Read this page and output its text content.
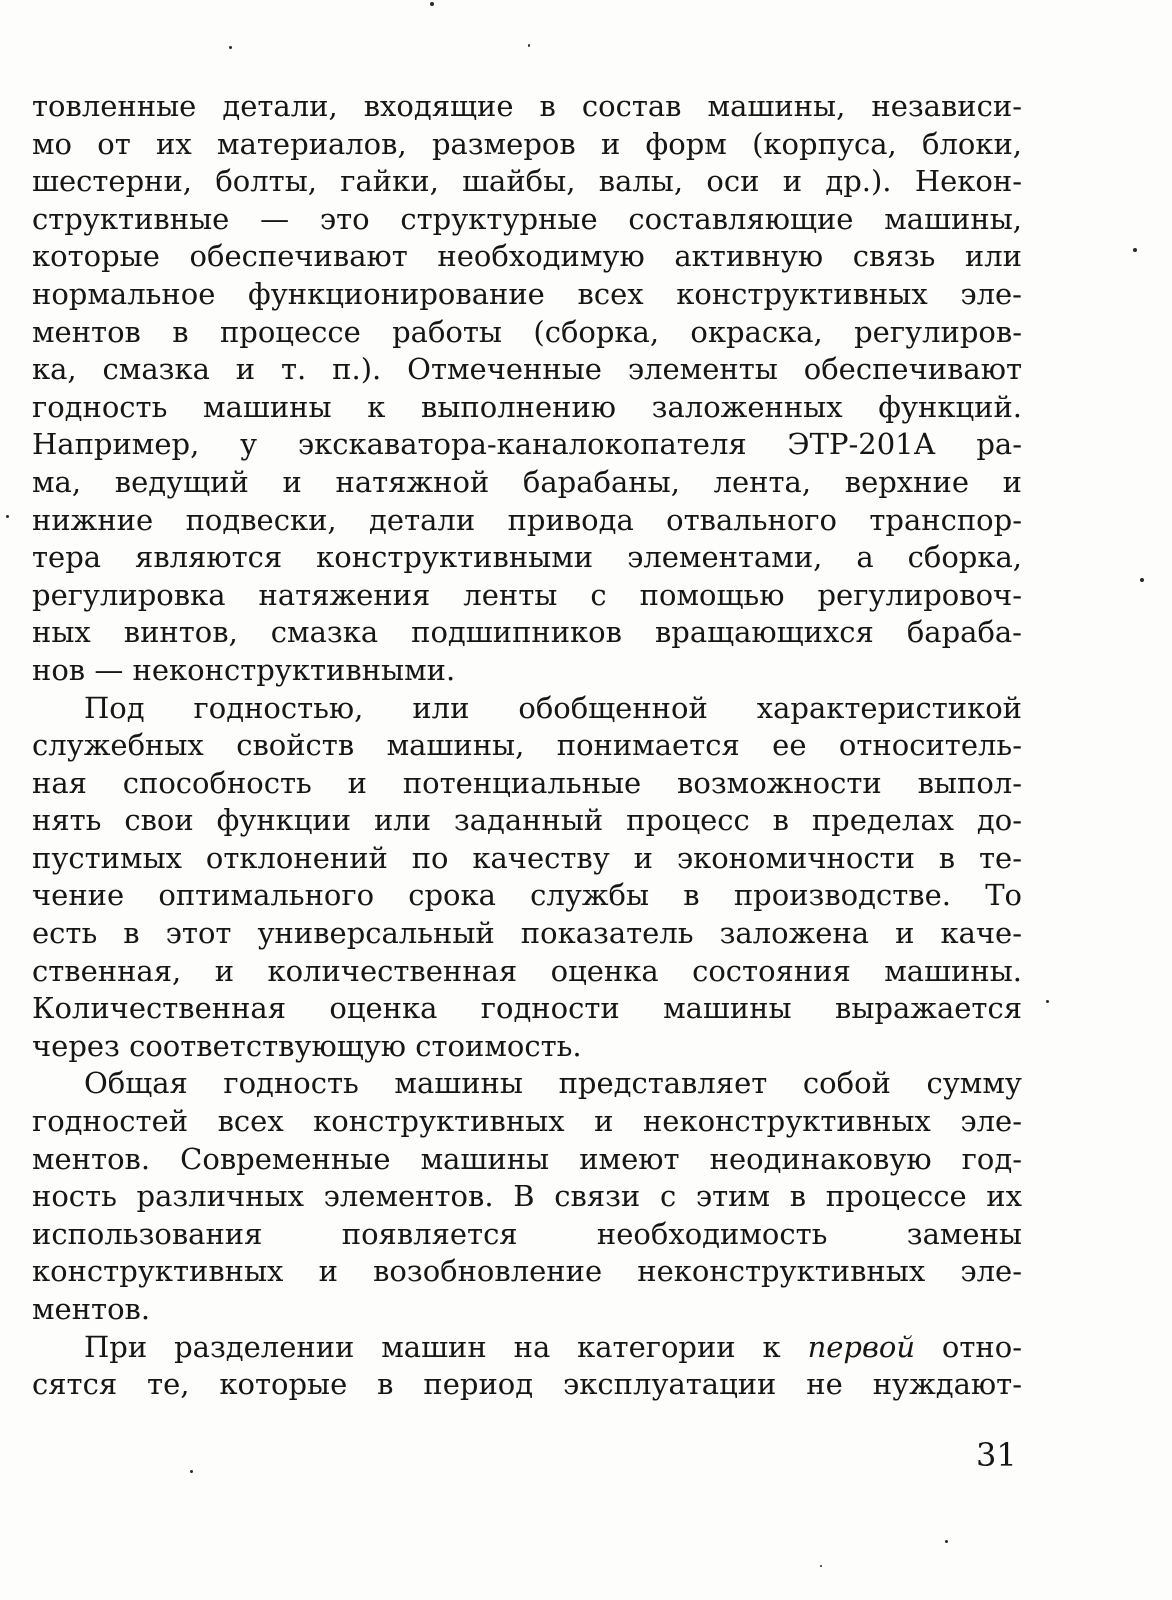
товленные детали, входящие в состав машины, независи-
мо от их материалов, размеров и форм (корпуса, блоки,
шестерни, болты, гайки, шайбы, валы, оси и др.). Некон-
структивные — это структурные составляющие машины,
которые обеспечивают необходимую активную связь или
нормальное функционирование всех конструктивных эле-
ментов в процессе работы (сборка, окраска, регулиров-
ка, смазка и т. п.). Отмеченные элементы обеспечивают
годность машины к выполнению заложенных функций.
Например, у экскаватора-каналокопателя ЭТР-201А ра-
ма, ведущий и натяжной барабаны, лента, верхние и
нижние подвески, детали привода отвального транспор-
тера являются конструктивными элементами, а сборка,
регулировка натяжения ленты с помощью регулировоч-
ных винтов, смазка подшипников вращающихся бараба-
нов — неконструктивными.
Под годностью, или обобщенной характеристикой
служебных свойств машины, понимается ее относитель-
ная способность и потенциальные возможности выпол-
нять свои функции или заданный процесс в пределах до-
пустимых отклонений по качеству и экономичности в те-
чение оптимального срока службы в производстве. То
есть в этот универсальный показатель заложена и каче-
ственная, и количественная оценка состояния машины.
Количественная оценка годности машины выражается
через соответствующую стоимость.
Общая годность машины представляет собой сумму
годностей всех конструктивных и неконструктивных эле-
ментов. Современные машины имеют неодинаковую год-
ность различных элементов. В связи с этим в процессе их
использования появляется необходимость замены
конструктивных и возобновление неконструктивных эле-
ментов.
При разделении машин на категории к первой отно-
сятся те, которые в период эксплуатации не нуждают-
31
